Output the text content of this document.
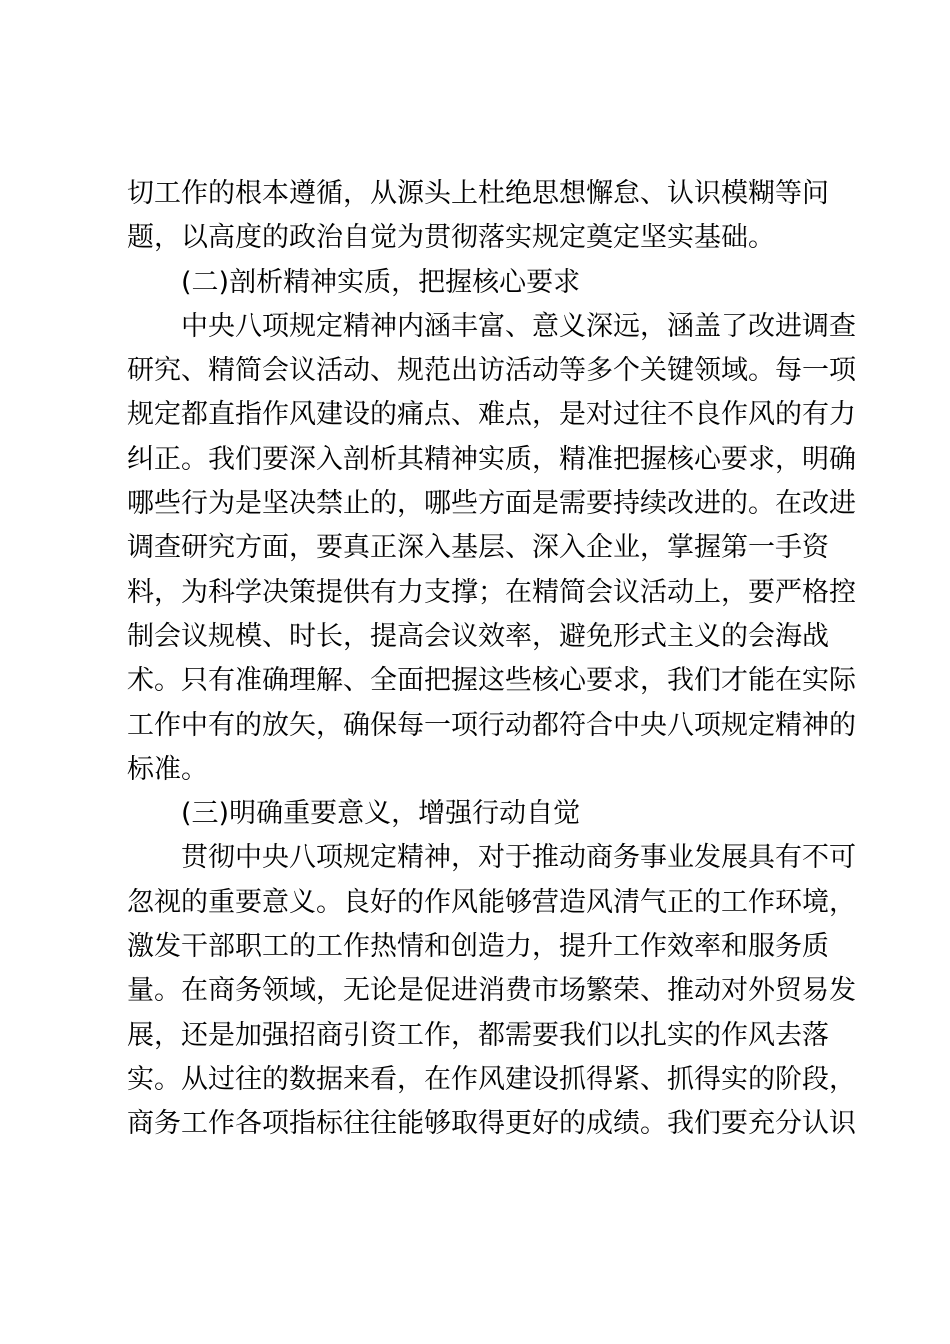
切工作的根本遵循，从源头上杜绝思想懈怠、认识模糊等问
题，以高度的政治自觉为贯彻落实规定奠定坚实基础。
(二)剖析精神实质，把握核心要求
中央八项规定精神内涵丰富、意义深远，涵盖了改进调查
研究、精简会议活动、规范出访活动等多个关键领域。每一项
规定都直指作风建设的痛点、难点，是对过往不良作风的有力
纠正。我们要深入剖析其精神实质，精准把握核心要求，明确
哪些行为是坚决禁止的，哪些方面是需要持续改进的。在改进
调查研究方面，要真正深入基层、深入企业，掌握第一手资
料，为科学决策提供有力支撑；在精简会议活动上，要严格控
制会议规模、时长，提高会议效率，避免形式主义的会海战
术。只有准确理解、全面把握这些核心要求，我们才能在实际
工作中有的放矢，确保每一项行动都符合中央八项规定精神的
标准。
(三)明确重要意义，增强行动自觉
贯彻中央八项规定精神，对于推动商务事业发展具有不可
忽视的重要意义。良好的作风能够营造风清气正的工作环境，
激发干部职工的工作热情和创造力，提升工作效率和服务质
量。在商务领域，无论是促进消费市场繁荣、推动对外贸易发
展，还是加强招商引资工作，都需要我们以扎实的作风去落
实。从过往的数据来看，在作风建设抓得紧、抓得实的阶段，
商务工作各项指标往往能够取得更好的成绩。我们要充分认识
